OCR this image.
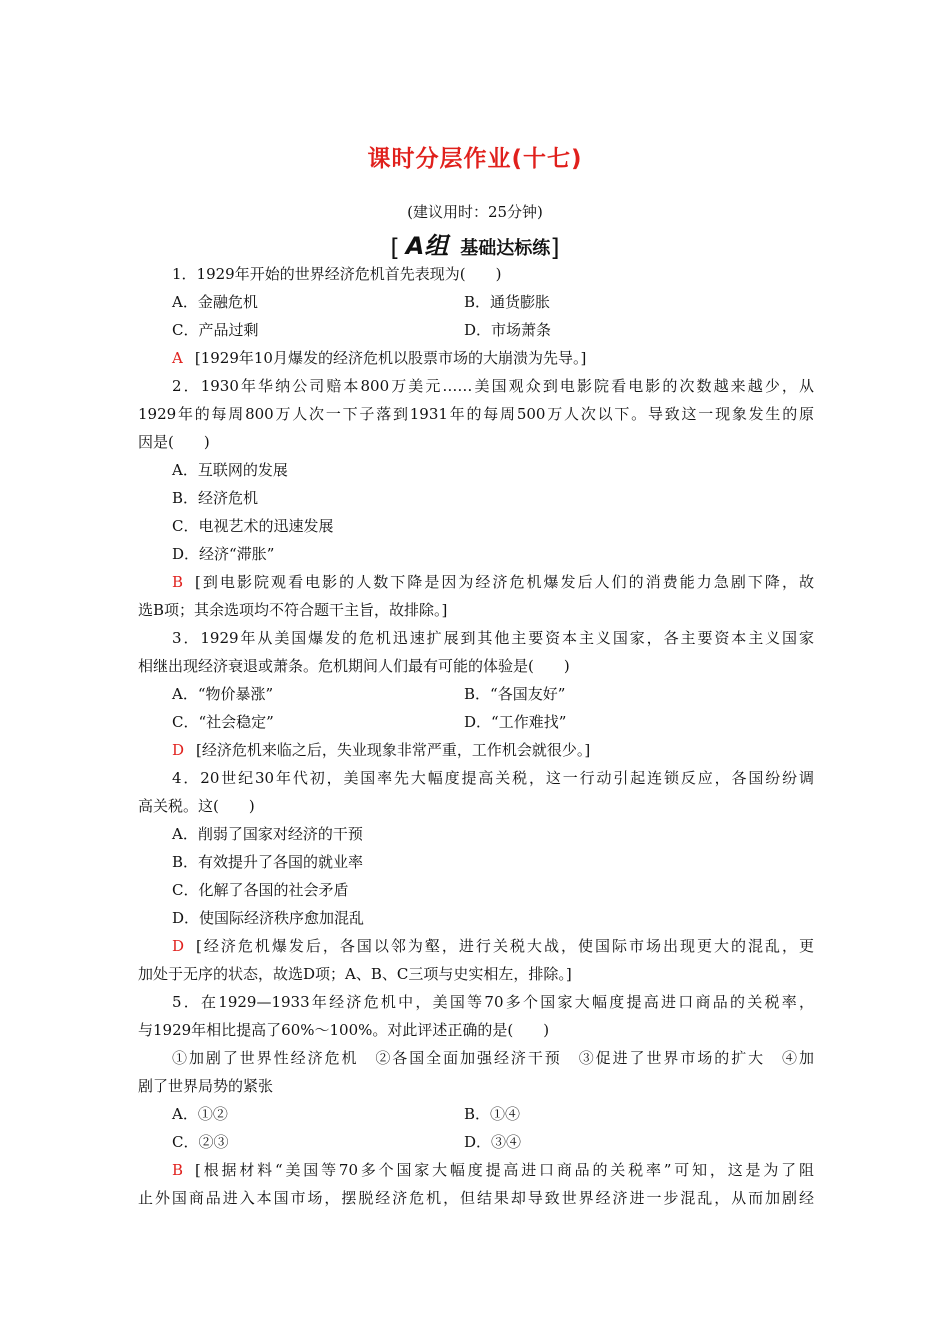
课时分层作业(十七)
(建议用时：25分钟)
[ A组 基础达标练]
1．1929年开始的世界经济危机首先表现为(　　)
A．金融危机	B．通货膨胀
C．产品过剩	D．市场萧条
A [1929年10月爆发的经济危机以股票市场的大崩溃为先导。]
2．1930年华纳公司赔本800万美元……美国观众到电影院看电影的次数越来越少，从
1929年的每周800万人次一下子落到1931年的每周500万人次以下。导致这一现象发生的原
因是(　　)
A．互联网的发展
B．经济危机
C．电视艺术的迅速发展
D．经济“滞胀”
B [到电影院观看电影的人数下降是因为经济危机爆发后人们的消费能力急剧下降，故
选B项；其余选项均不符合题干主旨，故排除。]
3．1929年从美国爆发的危机迅速扩展到其他主要资本主义国家，各主要资本主义国家
相继出现经济衰退或萧条。危机期间人们最有可能的体验是(　　)
A．“物价暴涨”	B．“各国友好”
C．“社会稳定”	D．“工作难找”
D [经济危机来临之后，失业现象非常严重，工作机会就很少。]
4．20世纪30年代初，美国率先大幅度提高关税，这一行动引起连锁反应，各国纷纷调
高关税。这(　　)
A．削弱了国家对经济的干预
B．有效提升了各国的就业率
C．化解了各国的社会矛盾
D．使国际经济秩序愈加混乱
D [经济危机爆发后，各国以邻为壑，进行关税大战，使国际市场出现更大的混乱，更
加处于无序的状态，故选D项；A、B、C三项与史实相左，排除。]
5．在1929—1933年经济危机中，美国等70多个国家大幅度提高进口商品的关税率，
与1929年相比提高了60%～100%。对此评述正确的是(　　)
①加剧了世界性经济危机　②各国全面加强经济干预　③促进了世界市场的扩大　④加
剧了世界局势的紧张
A．①②	B．①④
C．②③	D．③④
B [根据材料“美国等70多个国家大幅度提高进口商品的关税率”可知，这是为了阻
止外国商品进入本国市场，摆脱经济危机，但结果却导致世界经济进一步混乱，从而加剧经
